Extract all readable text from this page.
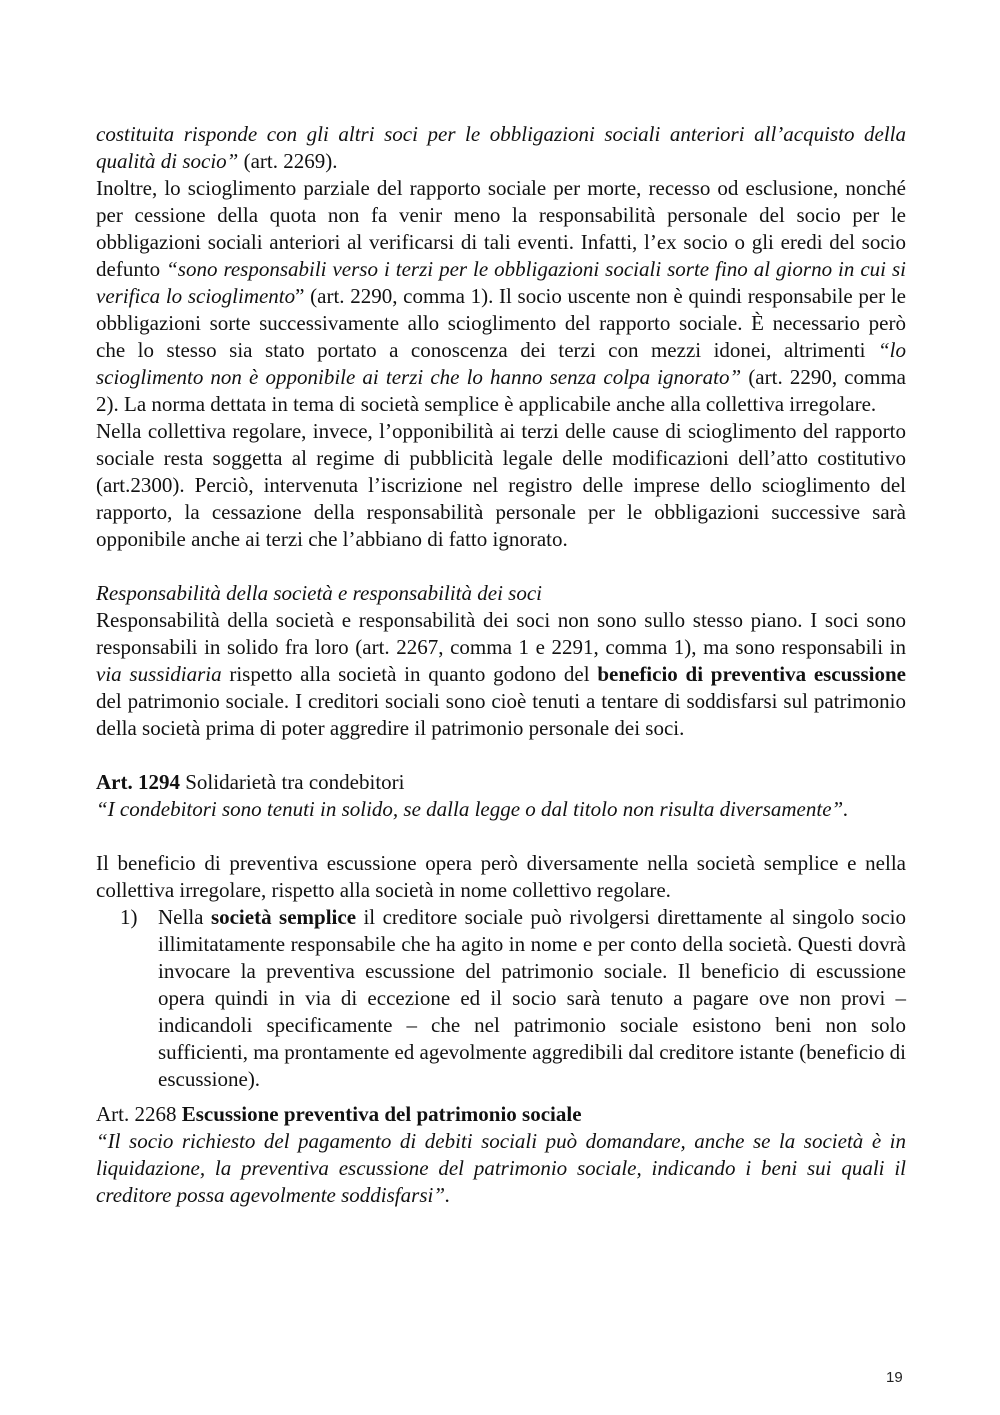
costituita risponde con gli altri soci per le obbligazioni sociali anteriori all’acquisto della qualità di socio” (art. 2269).

Inoltre, lo scioglimento parziale del rapporto sociale per morte, recesso od esclusione, nonché per cessione della quota non fa venir meno la responsabilità personale del socio per le obbligazioni sociali anteriori al verificarsi di tali eventi. Infatti, l’ex socio o gli eredi del socio defunto “sono responsabili verso i terzi per le obbligazioni sociali sorte fino al giorno in cui si verifica lo scioglimento” (art. 2290, comma 1). Il socio uscente non è quindi responsabile per le obbligazioni sorte successivamente allo scioglimento del rapporto sociale. È necessario però che lo stesso sia stato portato a conoscenza dei terzi con mezzi idonei, altrimenti “lo scioglimento non è opponibile ai terzi che lo hanno senza colpa ignorato” (art. 2290, comma 2). La norma dettata in tema di società semplice è applicabile anche alla collettiva irregolare.

Nella collettiva regolare, invece, l’opponibilità ai terzi delle cause di scioglimento del rapporto sociale resta soggetta al regime di pubblicità legale delle modificazioni dell’atto costitutivo (art.2300). Perciò, intervenuta l’iscrizione nel registro delle imprese dello scioglimento del rapporto, la cessazione della responsabilità personale per le obbligazioni successive sarà opponibile anche ai terzi che l’abbiano di fatto ignorato.

Responsabilità della società e responsabilità dei soci

Responsabilità della società e responsabilità dei soci non sono sullo stesso piano. I soci sono responsabili in solido fra loro (art. 2267, comma 1 e 2291, comma 1), ma sono responsabili in via sussidiaria rispetto alla società in quanto godono del beneficio di preventiva escussione del patrimonio sociale. I creditori sociali sono cioè tenuti a tentare di soddisfarsi sul patrimonio della società prima di poter aggredire il patrimonio personale dei soci.

Art. 1294 Solidarietà tra condebitori

“I condebitori sono tenuti in solido, se dalla legge o dal titolo non risulta diversamente”.

Il beneficio di preventiva escussione opera però diversamente nella società semplice e nella collettiva irregolare, rispetto alla società in nome collettivo regolare.

1) Nella società semplice il creditore sociale può rivolgersi direttamente al singolo socio illimitatamente responsabile che ha agito in nome e per conto della società. Questi dovrà invocare la preventiva escussione del patrimonio sociale. Il beneficio di escussione opera quindi in via di eccezione ed il socio sarà tenuto a pagare ove non provi – indicandoli specificamente – che nel patrimonio sociale esistono beni non solo sufficienti, ma prontamente ed agevolmente aggredibili dal creditore istante (beneficio di escussione).

Art. 2268 Escussione preventiva del patrimonio sociale

“Il socio richiesto del pagamento di debiti sociali può domandare, anche se la società è in liquidazione, la preventiva escussione del patrimonio sociale, indicando i beni sui quali il creditore possa agevolmente soddisfarsi”.

19
